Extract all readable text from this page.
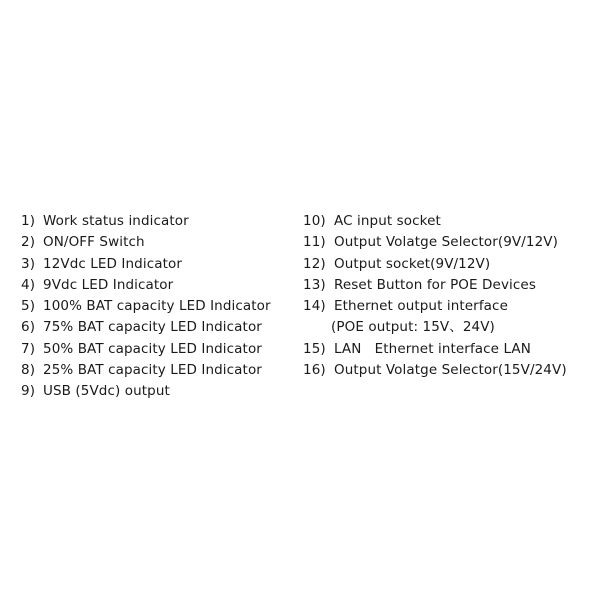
1) Work status indicator
2) ON/OFF Switch
3) 12Vdc LED Indicator
4) 9Vdc LED Indicator
5) 100% BAT capacity LED Indicator
6) 75% BAT capacity LED Indicator
7) 50% BAT capacity LED Indicator
8) 25% BAT capacity LED Indicator
9) USB (5Vdc) output
10) AC input socket
11) Output Volatge Selector(9V/12V)
12) Output socket(9V/12V)
13) Reset Button for POE Devices
14) Ethernet output interface
(POE output: 15V、24V)
15) LAN   Ethernet interface LAN
16) Output Volatge Selector(15V/24V)
